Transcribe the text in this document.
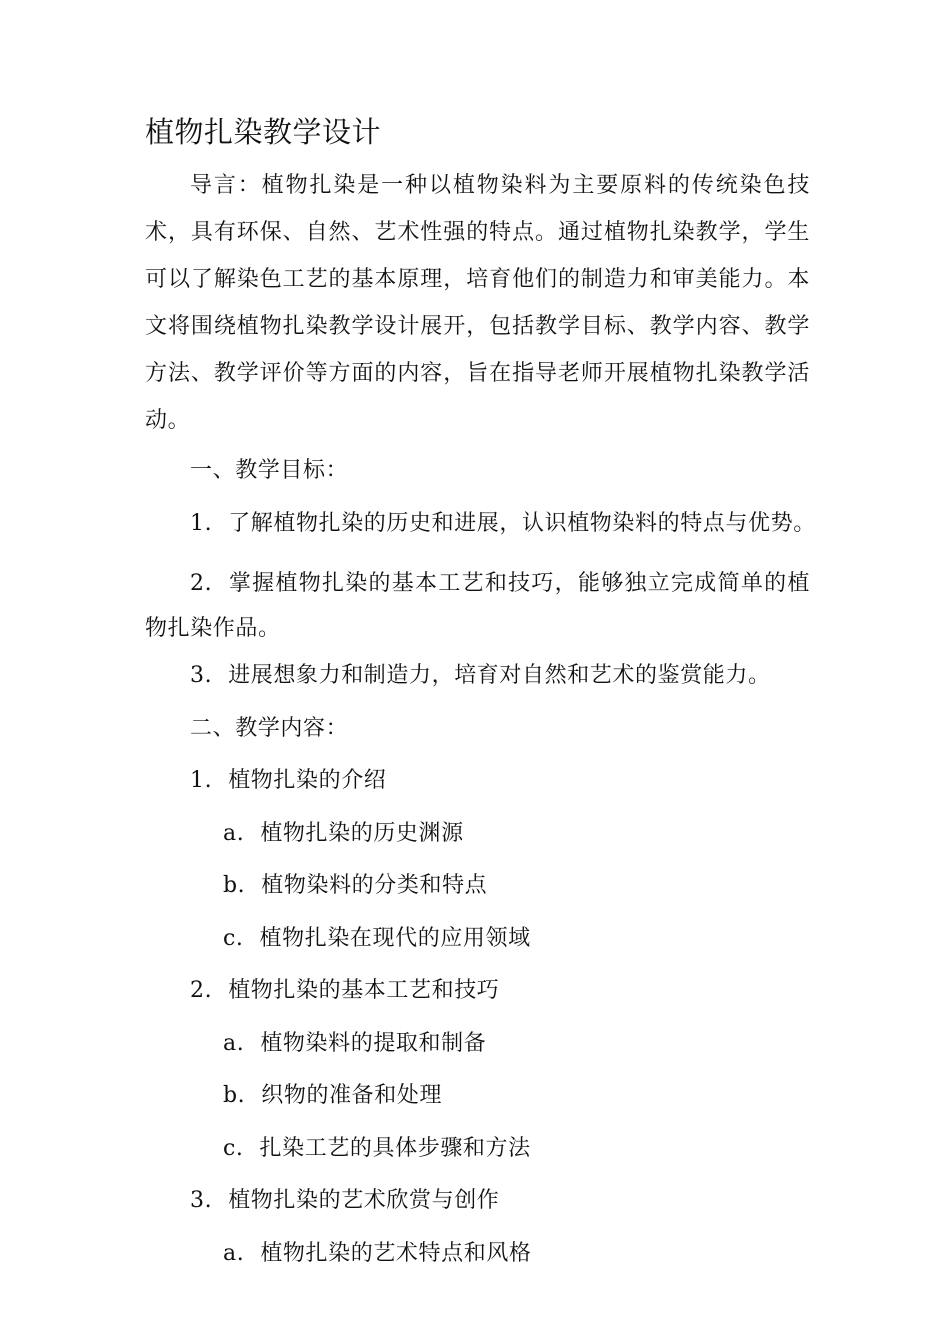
植物扎染教学设计

导言：植物扎染是一种以植物染料为主要原料的传统染色技术，具有环保、自然、艺术性强的特点。通过植物扎染教学，学生可以了解染色工艺的基本原理，培育他们的制造力和审美能力。本文将围绕植物扎染教学设计展开，包括教学目标、教学内容、教学方法、教学评价等方面的内容，旨在指导老师开展植物扎染教学活动。

一、教学目标：

1. 了解植物扎染的历史和进展，认识植物染料的特点与优势。

2. 掌握植物扎染的基本工艺和技巧，能够独立完成简单的植物扎染作品。

3. 进展想象力和制造力，培育对自然和艺术的鉴赏能力。

二、教学内容：

1. 植物扎染的介绍

a. 植物扎染的历史渊源

b. 植物染料的分类和特点

c. 植物扎染在现代的应用领域

2. 植物扎染的基本工艺和技巧

a. 植物染料的提取和制备

b. 织物的准备和处理

c. 扎染工艺的具体步骤和方法

3. 植物扎染的艺术欣赏与创作

a. 植物扎染的艺术特点和风格
